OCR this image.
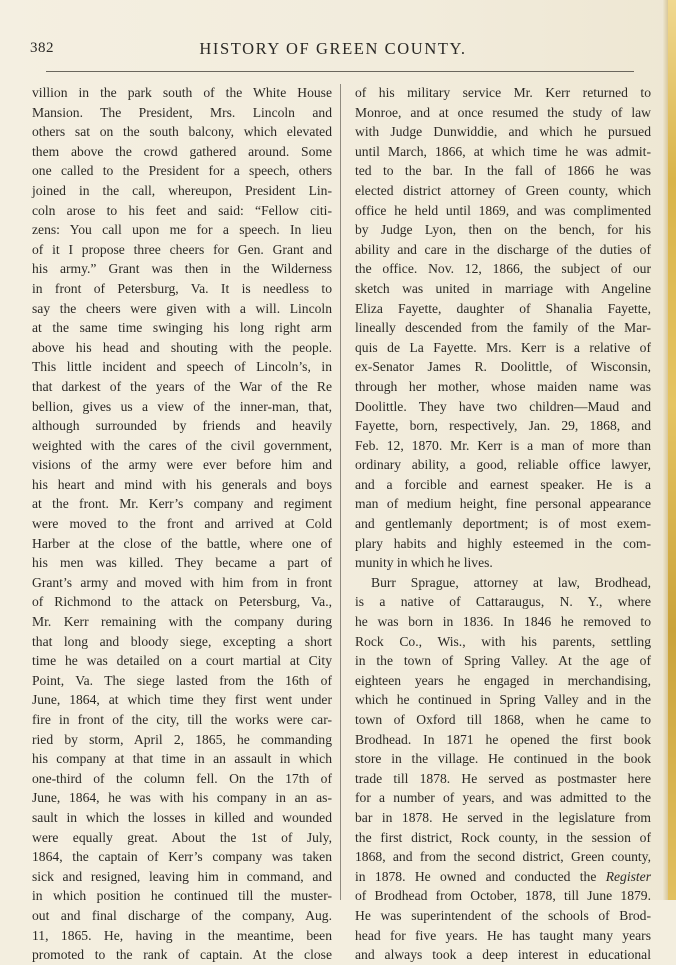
382	HISTORY OF GREEN COUNTY.
villion in the park south of the White House
Mansion. The President, Mrs. Lincoln and
others sat on the south balcony, which elevated
them above the crowd gathered around. Some
one called to the President for a speech, others
joined in the call, whereupon, President Lin-
coln arose to his feet and said: “Fellow citi-
zens: You call upon me for a speech. In lieu
of it I propose three cheers for Gen. Grant and
his army.” Grant was then in the Wilderness
in front of Petersburg, Va. It is needless to
say the cheers were given with a will. Lincoln
at the same time swinging his long right arm
above his head and shouting with the people.
This little incident and speech of Lincoln’s, in
that darkest of the years of the War of the Re
bellion, gives us a view of the inner-man, that,
although surrounded by friends and heavily
weighted with the cares of the civil government,
visions of the army were ever before him and
his heart and mind with his generals and boys
at the front. Mr. Kerr’s company and regiment
were moved to the front and arrived at Cold
Harber at the close of the battle, where one of
his men was killed. They became a part of
Grant’s army and moved with him from in front
of Richmond to the attack on Petersburg, Va.,
Mr. Kerr remaining with the company during
that long and bloody siege, excepting a short
time he was detailed on a court martial at City
Point, Va. The siege lasted from the 16th of
June, 1864, at which time they first went under
fire in front of the city, till the works were car-
ried by storm, April 2, 1865, he commanding
his company at that time in an assault in which
one-third of the column fell. On the 17th of
June, 1864, he was with his company in an as-
sault in which the losses in killed and wounded
were equally great. About the 1st of July,
1864, the captain of Kerr’s company was taken
sick and resigned, leaving him in command, and
in which position he continued till the muster-
out and final discharge of the company, Aug.
11, 1865. He, having in the meantime, been
promoted to the rank of captain. At the close
of his military service Mr. Kerr returned to
Monroe, and at once resumed the study of law
with Judge Dunwiddie, and which he pursued
until March, 1866, at which time he was admit-
ted to the bar. In the fall of 1866 he was
elected district attorney of Green county, which
office he held until 1869, and was complimented
by Judge Lyon, then on the bench, for his
ability and care in the discharge of the duties of
the office. Nov. 12, 1866, the subject of our
sketch was united in marriage with Angeline
Eliza Fayette, daughter of Shanalia Fayette,
lineally descended from the family of the Mar-
quis de La Fayette. Mrs. Kerr is a relative of
ex-Senator James R. Doolittle, of Wisconsin,
through her mother, whose maiden name was
Doolittle. They have two children—Maud and
Fayette, born, respectively, Jan. 29, 1868, and
Feb. 12, 1870. Mr. Kerr is a man of more than
ordinary ability, a good, reliable office lawyer,
and a forcible and earnest speaker. He is a
man of medium height, fine personal appearance
and gentlemanly deportment; is of most exem-
plary habits and highly esteemed in the com-
munity in which he lives.
Burr Sprague, attorney at law, Brodhead,
is a native of Cattaraugus, N. Y., where
he was born in 1836. In 1846 he removed to
Rock Co., Wis., with his parents, settling
in the town of Spring Valley. At the age of
eighteen years he engaged in merchandising,
which he continued in Spring Valley and in the
town of Oxford till 1868, when he came to
Brodhead. In 1871 he opened the first book
store in the village. He continued in the book
trade till 1878. He served as postmaster here
for a number of years, and was admitted to the
bar in 1878. He served in the legislature from
the first district, Rock county, in the session of
1868, and from the second district, Green county,
in 1878. He owned and conducted the Register
of Brodhead from October, 1878, till June 1879.
He was superintendent of the schools of Brod-
head for five years. He has taught many years
and always took a deep interest in educational
